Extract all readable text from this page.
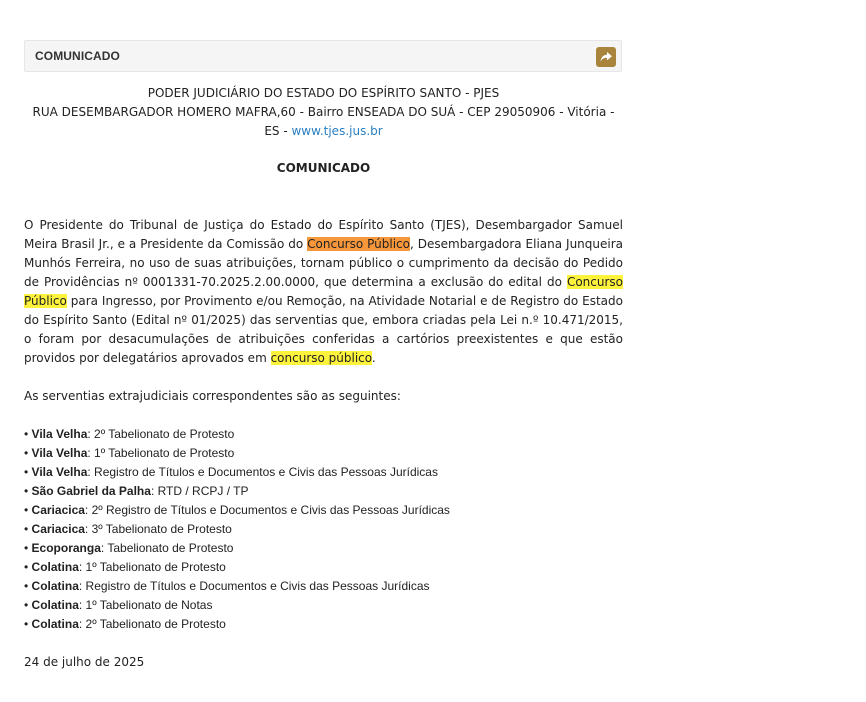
COMUNICADO
PODER JUDICIÁRIO DO ESTADO DO ESPÍRITO SANTO - PJES
RUA DESEMBARGADOR HOMERO MAFRA,60 - Bairro ENSEADA DO SUÁ - CEP 29050906 - Vitória - ES - www.tjes.jus.br
COMUNICADO
O Presidente do Tribunal de Justiça do Estado do Espírito Santo (TJES), Desembargador Samuel Meira Brasil Jr., e a Presidente da Comissão do Concurso Público, Desembargadora Eliana Junqueira Munhós Ferreira, no uso de suas atribuições, tornam público o cumprimento da decisão do Pedido de Providências nº 0001331-70.2025.2.00.0000, que determina a exclusão do edital do Concurso Público para Ingresso, por Provimento e/ou Remoção, na Atividade Notarial e de Registro do Estado do Espírito Santo (Edital nº 01/2025) das serventias que, embora criadas pela Lei n.º 10.471/2015, o foram por desacumulações de atribuições conferidas a cartórios preexistentes e que estão providos por delegatários aprovados em concurso público.
As serventias extrajudiciais correspondentes são as seguintes:
• Vila Velha: 2º Tabelionato de Protesto
• Vila Velha: 1º Tabelionato de Protesto
• Vila Velha: Registro de Títulos e Documentos e Civis das Pessoas Jurídicas
• São Gabriel da Palha: RTD / RCPJ / TP
• Cariacica: 2º Registro de Títulos e Documentos e Civis das Pessoas Jurídicas
• Cariacica: 3º Tabelionato de Protesto
• Ecoporanga: Tabelionato de Protesto
• Colatina: 1º Tabelionato de Protesto
• Colatina: Registro de Títulos e Documentos e Civis das Pessoas Jurídicas
• Colatina: 1º Tabelionato de Notas
• Colatina: 2º Tabelionato de Protesto
24 de julho de 2025
